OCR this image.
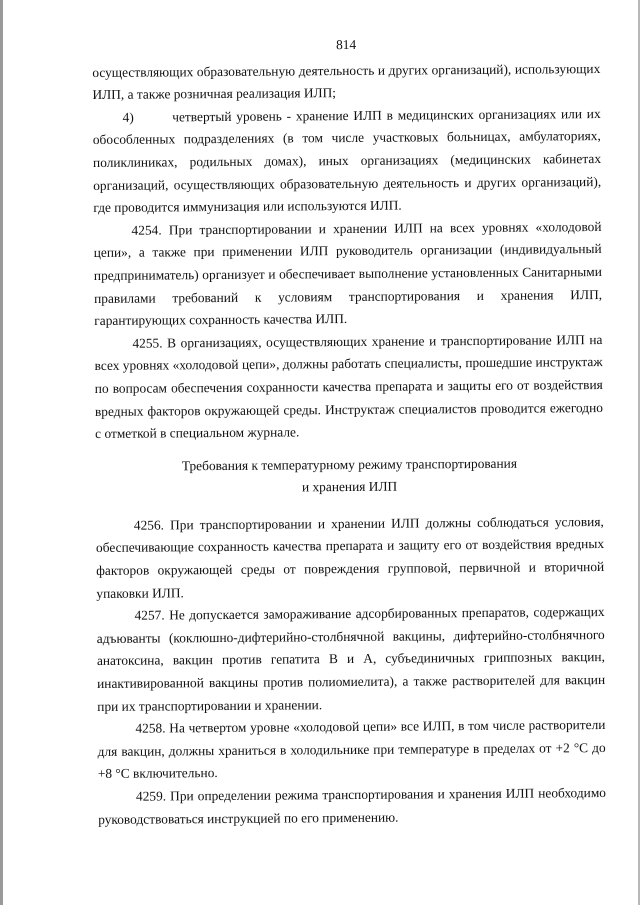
814

осуществляющих образовательную деятельность и других организаций), использующих ИЛП, а также розничная реализация ИЛП;

4)        четвертый уровень - хранение ИЛП в медицинских организациях или их обособленных подразделениях (в том числе участковых больницах, амбулаториях, поликлиниках, родильных домах), иных организациях (медицинских кабинетах организаций, осуществляющих образовательную деятельность и других организаций), где проводится иммунизация или используются ИЛП.

4254. При транспортировании и хранении ИЛП на всех уровнях «холодовой цепи», а также при применении ИЛП руководитель организации (индивидуальный предприниматель) организует и обеспечивает выполнение установленных Санитарными правилами требований к условиям транспортирования и хранения ИЛП, гарантирующих сохранность качества ИЛП.

4255. В организациях, осуществляющих хранение и транспортирование ИЛП на всех уровнях «холодовой цепи», должны работать специалисты, прошедшие инструктаж по вопросам обеспечения сохранности качества препарата и защиты его от воздействия вредных факторов окружающей среды. Инструктаж специалистов проводится ежегодно с отметкой в специальном журнале.

Требования к температурному режиму транспортирования
и хранения ИЛП

4256. При транспортировании и хранении ИЛП должны соблюдаться условия, обеспечивающие сохранность качества препарата и защиту его от воздействия вредных факторов окружающей среды от повреждения групповой, первичной и вторичной упаковки ИЛП.

4257. Не допускается замораживание адсорбированных препаратов, содержащих адъюванты (коклюшно-дифтерийно-столбнячной вакцины, дифтерийно-столбнячного анатоксина, вакцин против гепатита В и А, субъединичных гриппозных вакцин, инактивированной вакцины против полиомиелита), а также растворителей для вакцин при их транспортировании и хранении.

4258. На четвертом уровне «холодовой цепи» все ИЛП, в том числе растворители для вакцин, должны храниться в холодильнике при температуре в пределах от +2 °С до +8 °С включительно.

4259. При определении режима транспортирования и хранения ИЛП необходимо руководствоваться инструкцией по его применению.
